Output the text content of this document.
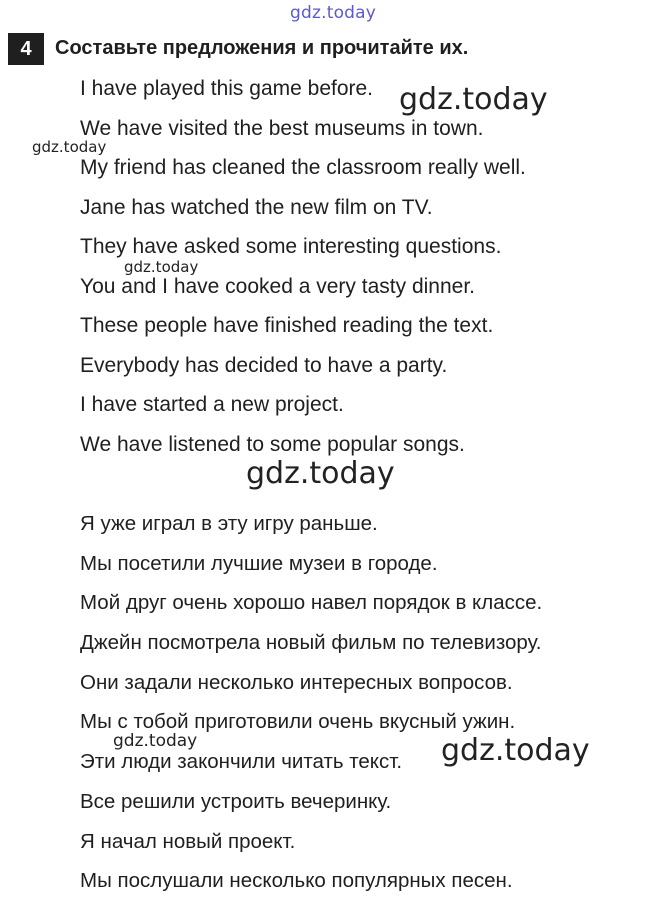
gdz.today
4	Составьте предложения и прочитайте их.
I have played this game before.
We have visited the best museums in town.
My friend has cleaned the classroom really well.
Jane has watched the new film on TV.
They have asked some interesting questions.
You and I have cooked a very tasty dinner.
These people have finished reading the text.
Everybody has decided to have a party.
I have started a new project.
We have listened to some popular songs.
Я уже играл в эту игру раньше.
Мы посетили лучшие музеи в городе.
Мой друг очень хорошо навел порядок в классе.
Джейн посмотрела новый фильм по телевизору.
Они задали несколько интересных вопросов.
Мы с тобой приготовили очень вкусный ужин.
Эти люди закончили читать текст.
Все решили устроить вечеринку.
Я начал новый проект.
Мы послушали несколько популярных песен.
gdz.today
gdz.today
gdz.today
gdz.today
gdz.today	gdz.today
